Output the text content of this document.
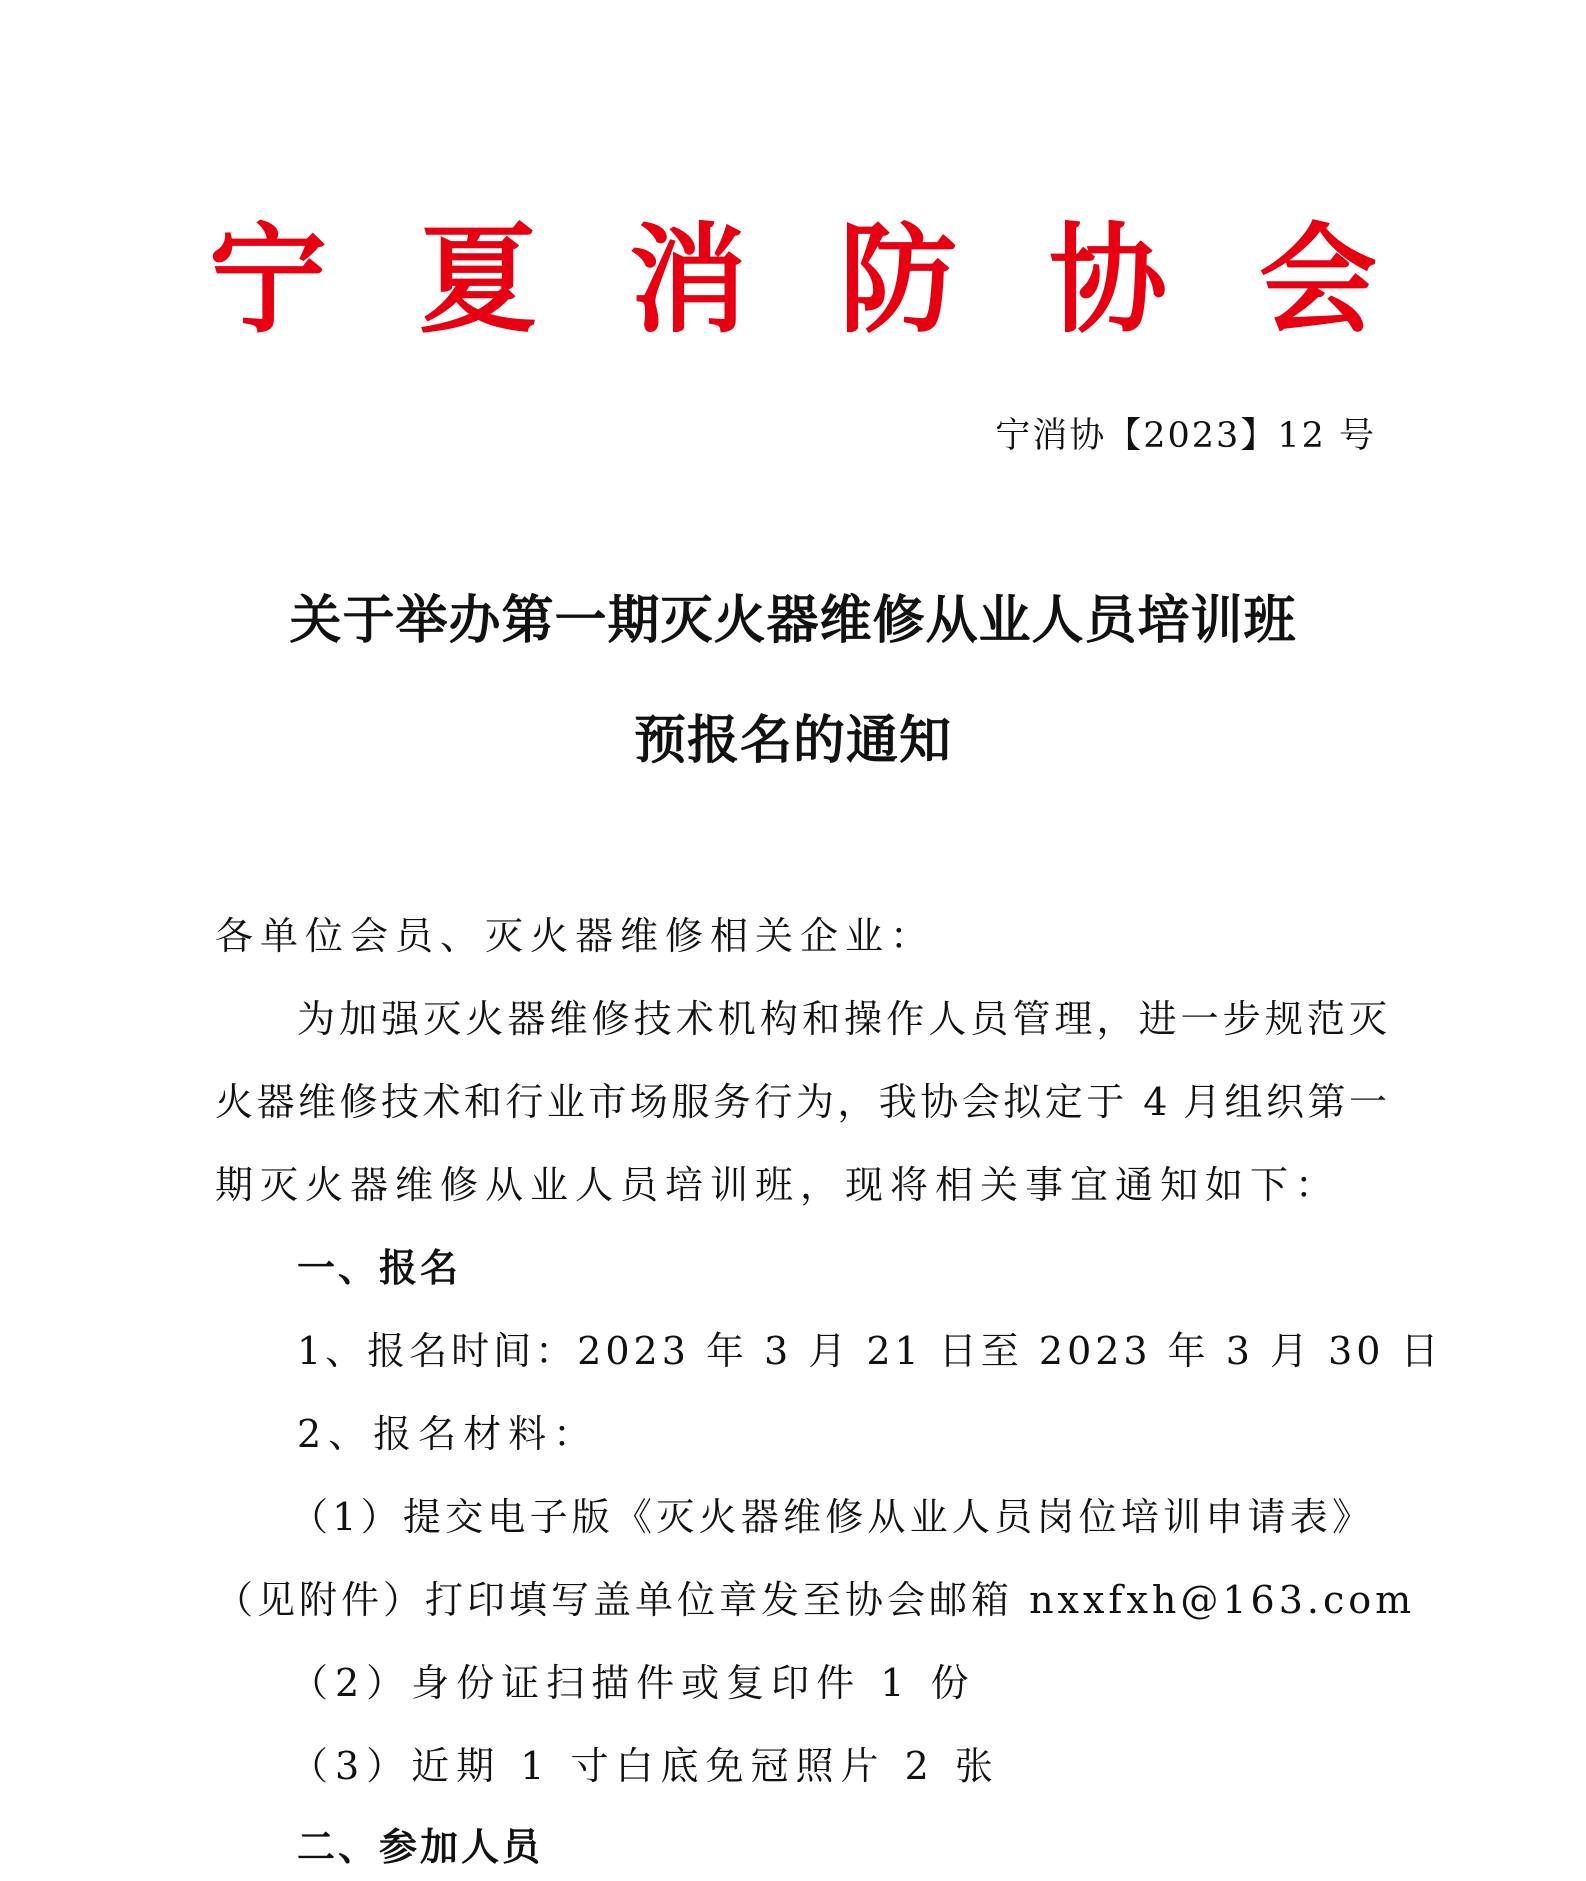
宁夏消防协会
宁消协【2023】12 号
关于举办第一期灭火器维修从业人员培训班
预报名的通知
各单位会员、灭火器维修相关企业：
为加强灭火器维修技术机构和操作人员管理，进一步规范灭
火器维修技术和行业市场服务行为，我协会拟定于 4 月组织第一
期灭火器维修从业人员培训班，现将相关事宜通知如下：
一、报名
1、报名时间：2023 年 3 月 21 日至 2023 年 3 月 30 日
2、报名材料：
（1）提交电子版《灭火器维修从业人员岗位培训申请表》
（见附件）打印填写盖单位章发至协会邮箱 nxxfxh@163.com
（2）身份证扫描件或复印件 1 份
（3）近期 1 寸白底免冠照片 2 张
二、参加人员
